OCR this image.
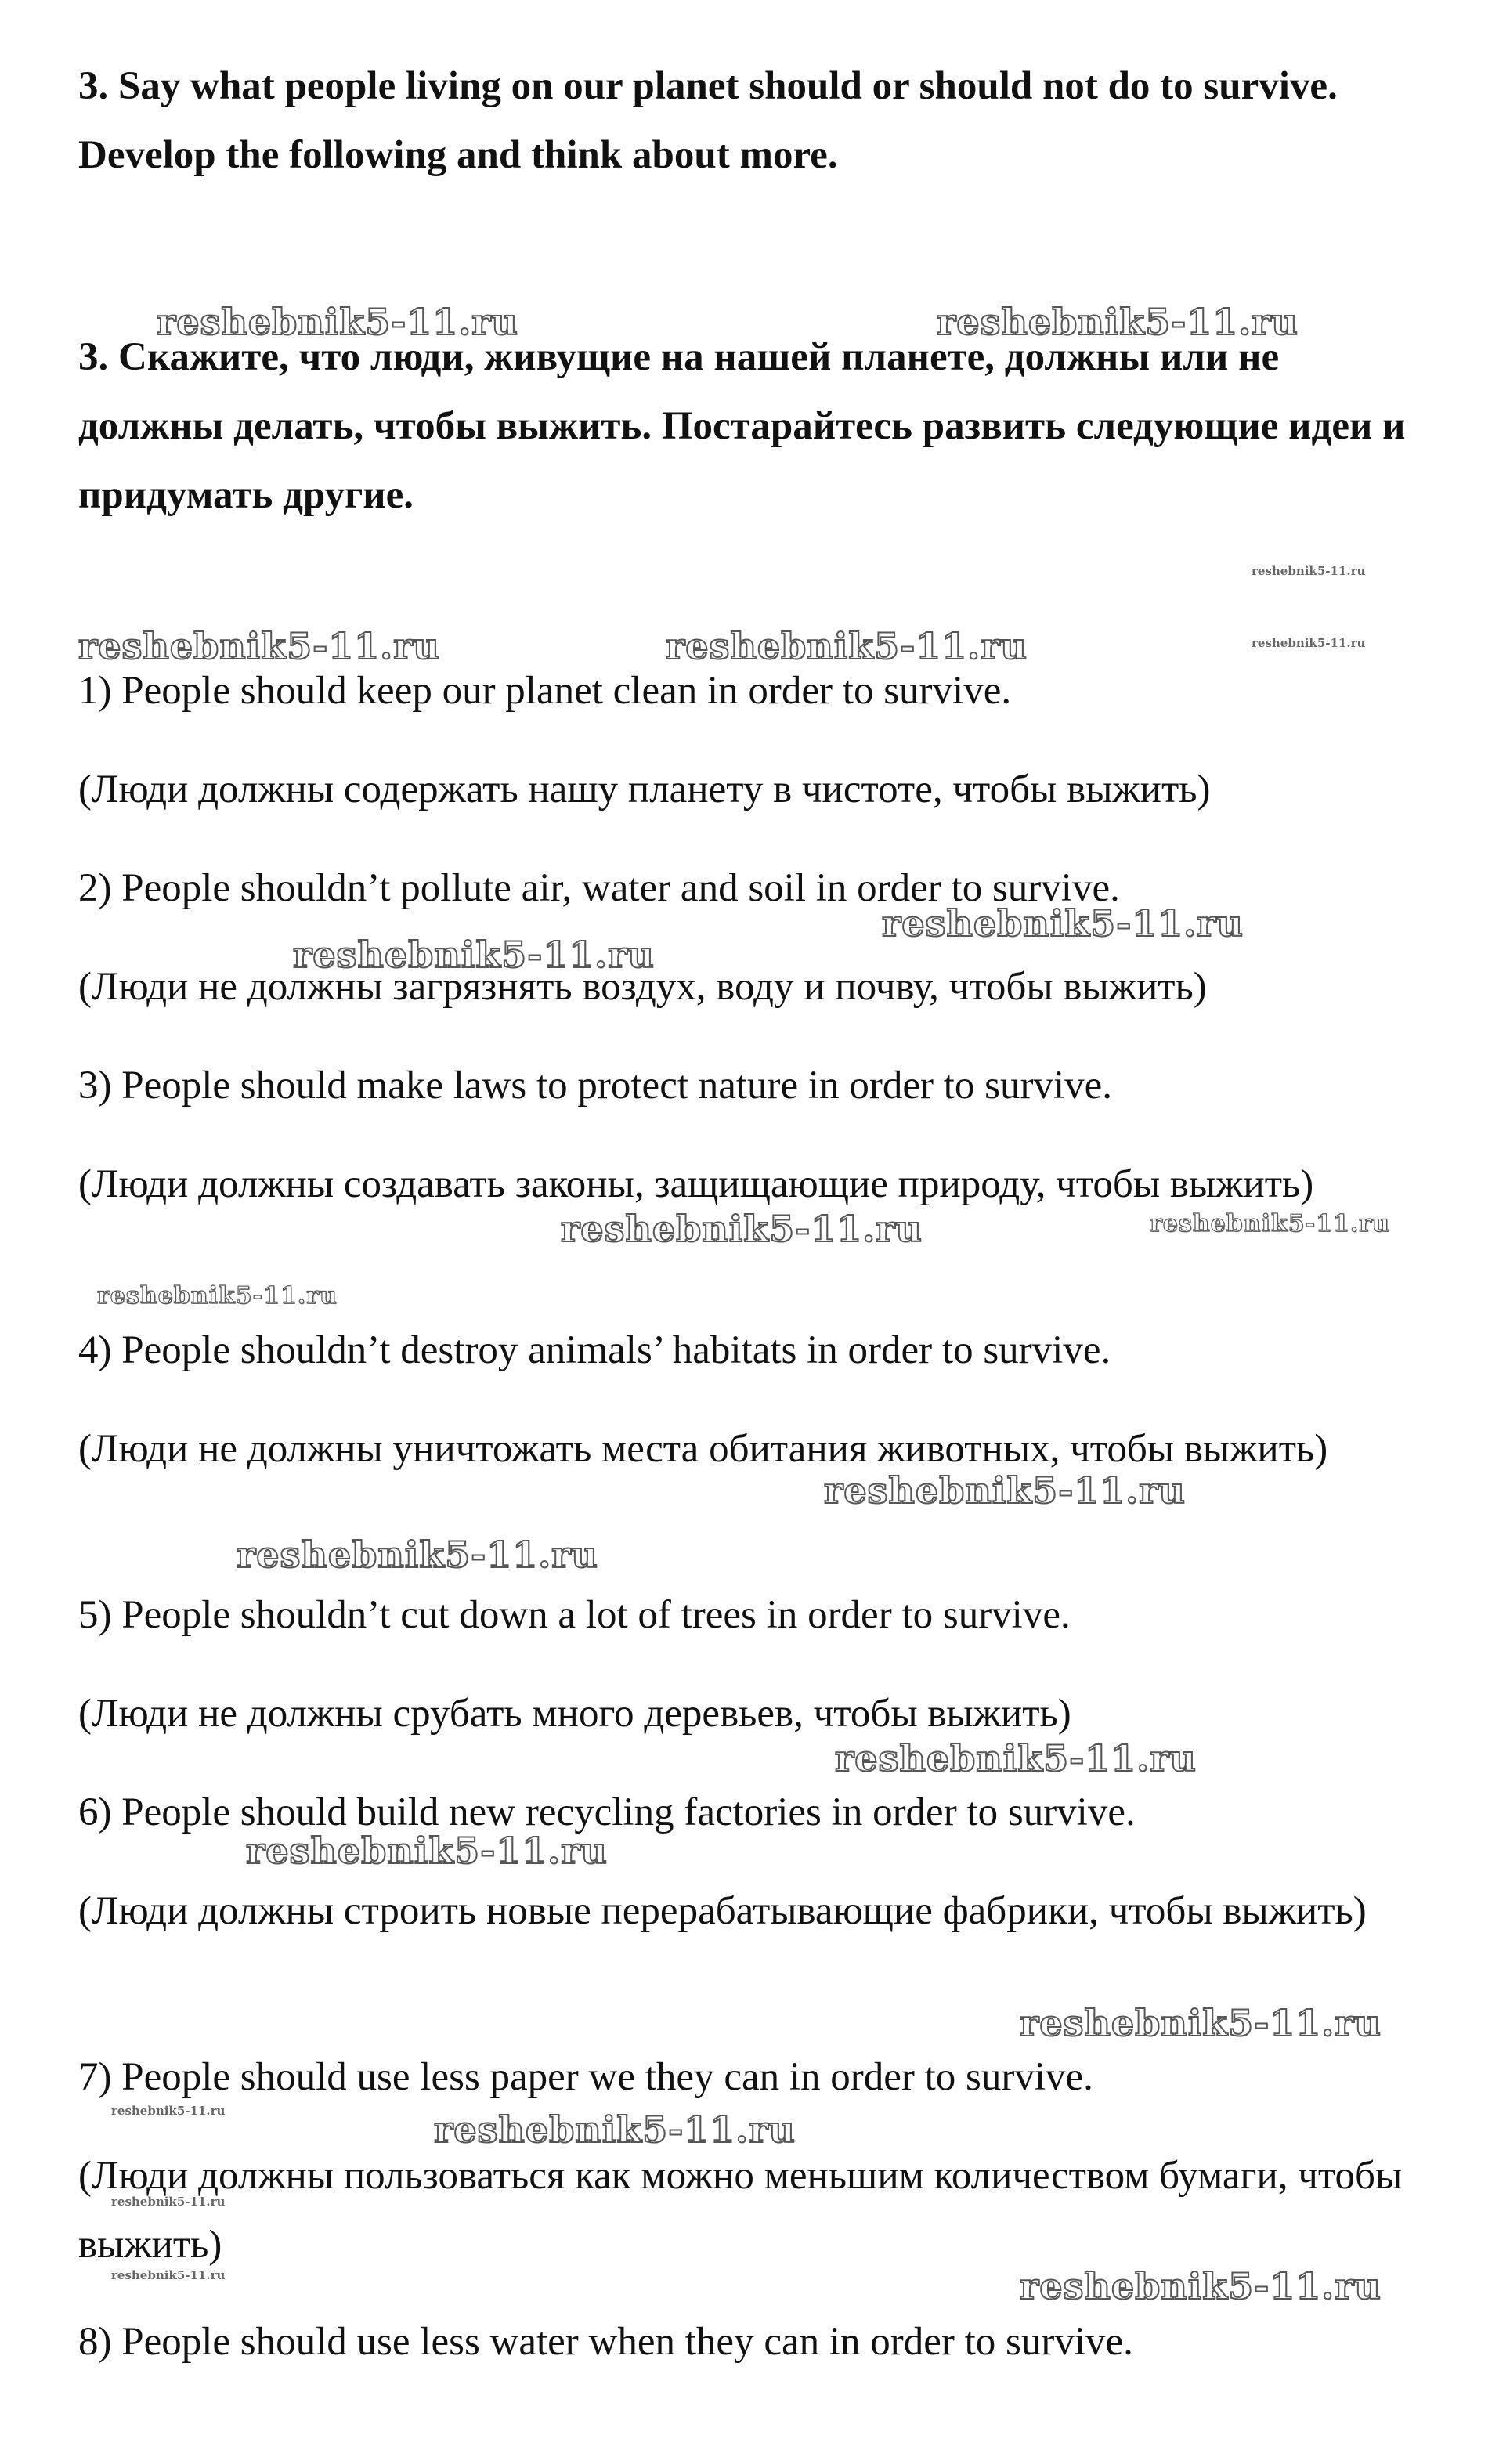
3. Say what people living on our planet should or should not do to survive. Develop the following and think about more.

3. Скажите, что люди, живущие на нашей планете, должны или не должны делать, чтобы выжить. Постарайтесь развить следующие идеи и придумать другие.

1) People should keep our planet clean in order to survive.

(Люди должны содержать нашу планету в чистоте, чтобы выжить)

2) People shouldn’t pollute air, water and soil in order to survive.

(Люди не должны загрязнять воздух, воду и почву, чтобы выжить)

3) People should make laws to protect nature in order to survive.

(Люди должны создавать законы, защищающие природу, чтобы выжить)

4) People shouldn’t destroy animals’ habitats in order to survive.

(Люди не должны уничтожать места обитания животных, чтобы выжить)

5) People shouldn’t cut down a lot of trees in order to survive.

(Люди не должны срубать много деревьев, чтобы выжить)

6) People should build new recycling factories in order to survive.

(Люди должны строить новые перерабатывающие фабрики, чтобы выжить)

7) People should use less paper we they can in order to survive.

(Люди должны пользоваться как можно меньшим количеством бумаги, чтобы выжить)

8) People should use less water when they can in order to survive.

reshebnik5-11.ru	reshebnik5-11.ru
reshebnik5-11.ru
reshebnik5-11.ru	reshebnik5-11.ru	reshebnik5-11.ru
reshebnik5-11.ru
reshebnik5-11.ru
reshebnik5-11.ru	reshebnik5-11.ru
reshebnik5-11.ru
reshebnik5-11.ru
reshebnik5-11.ru
reshebnik5-11.ru
reshebnik5-11.ru
reshebnik5-11.ru
reshebnik5-11.ru	reshebnik5-11.ru
reshebnik5-11.ru
reshebnik5-11.ru	reshebnik5-11.ru
